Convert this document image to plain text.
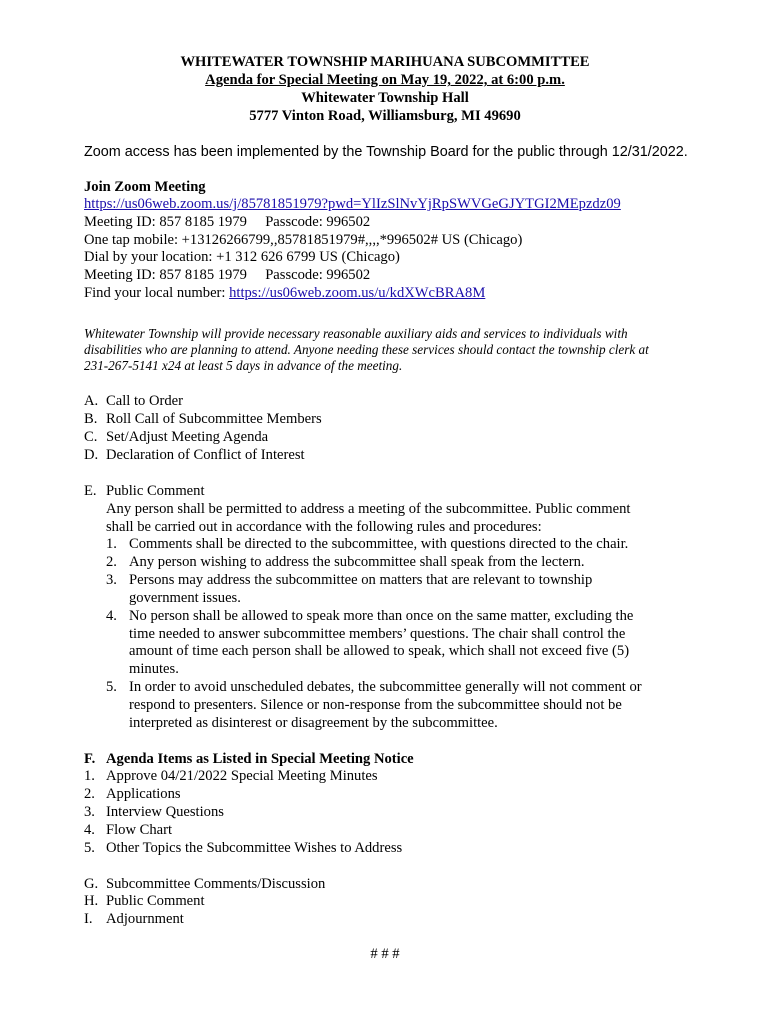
WHITEWATER TOWNSHIP MARIHUANA SUBCOMMITTEE
Agenda for Special Meeting on May 19, 2022, at 6:00 p.m.
Whitewater Township Hall
5777 Vinton Road, Williamsburg, MI 49690
Zoom access has been implemented by the Township Board for the public through 12/31/2022.
Join Zoom Meeting
https://us06web.zoom.us/j/85781851979?pwd=YlIzSlNvYjRpSWVGeGJYTGI2MEpzdz09
Meeting ID: 857 8185 1979     Passcode: 996502
One tap mobile: +13126266799,,85781851979#,,,,*996502# US (Chicago)
Dial by your location: +1 312 626 6799 US (Chicago)
Meeting ID: 857 8185 1979     Passcode: 996502
Find your local number: https://us06web.zoom.us/u/kdXWcBRA8M
Whitewater Township will provide necessary reasonable auxiliary aids and services to individuals with
disabilities who are planning to attend. Anyone needing these services should contact the township clerk at
231-267-5141 x24 at least 5 days in advance of the meeting.
A. Call to Order
B. Roll Call of Subcommittee Members
C. Set/Adjust Meeting Agenda
D. Declaration of Conflict of Interest
E. Public Comment
Any person shall be permitted to address a meeting of the subcommittee. Public comment
shall be carried out in accordance with the following rules and procedures:
1. Comments shall be directed to the subcommittee, with questions directed to the chair.
2. Any person wishing to address the subcommittee shall speak from the lectern.
3. Persons may address the subcommittee on matters that are relevant to township
government issues.
4. No person shall be allowed to speak more than once on the same matter, excluding the
time needed to answer subcommittee members’ questions. The chair shall control the
amount of time each person shall be allowed to speak, which shall not exceed five (5)
minutes.
5. In order to avoid unscheduled debates, the subcommittee generally will not comment or
respond to presenters. Silence or non-response from the subcommittee should not be
interpreted as disinterest or disagreement by the subcommittee.
F. Agenda Items as Listed in Special Meeting Notice
1. Approve 04/21/2022 Special Meeting Minutes
2. Applications
3. Interview Questions
4. Flow Chart
5. Other Topics the Subcommittee Wishes to Address
G. Subcommittee Comments/Discussion
H. Public Comment
I. Adjournment
# # #
